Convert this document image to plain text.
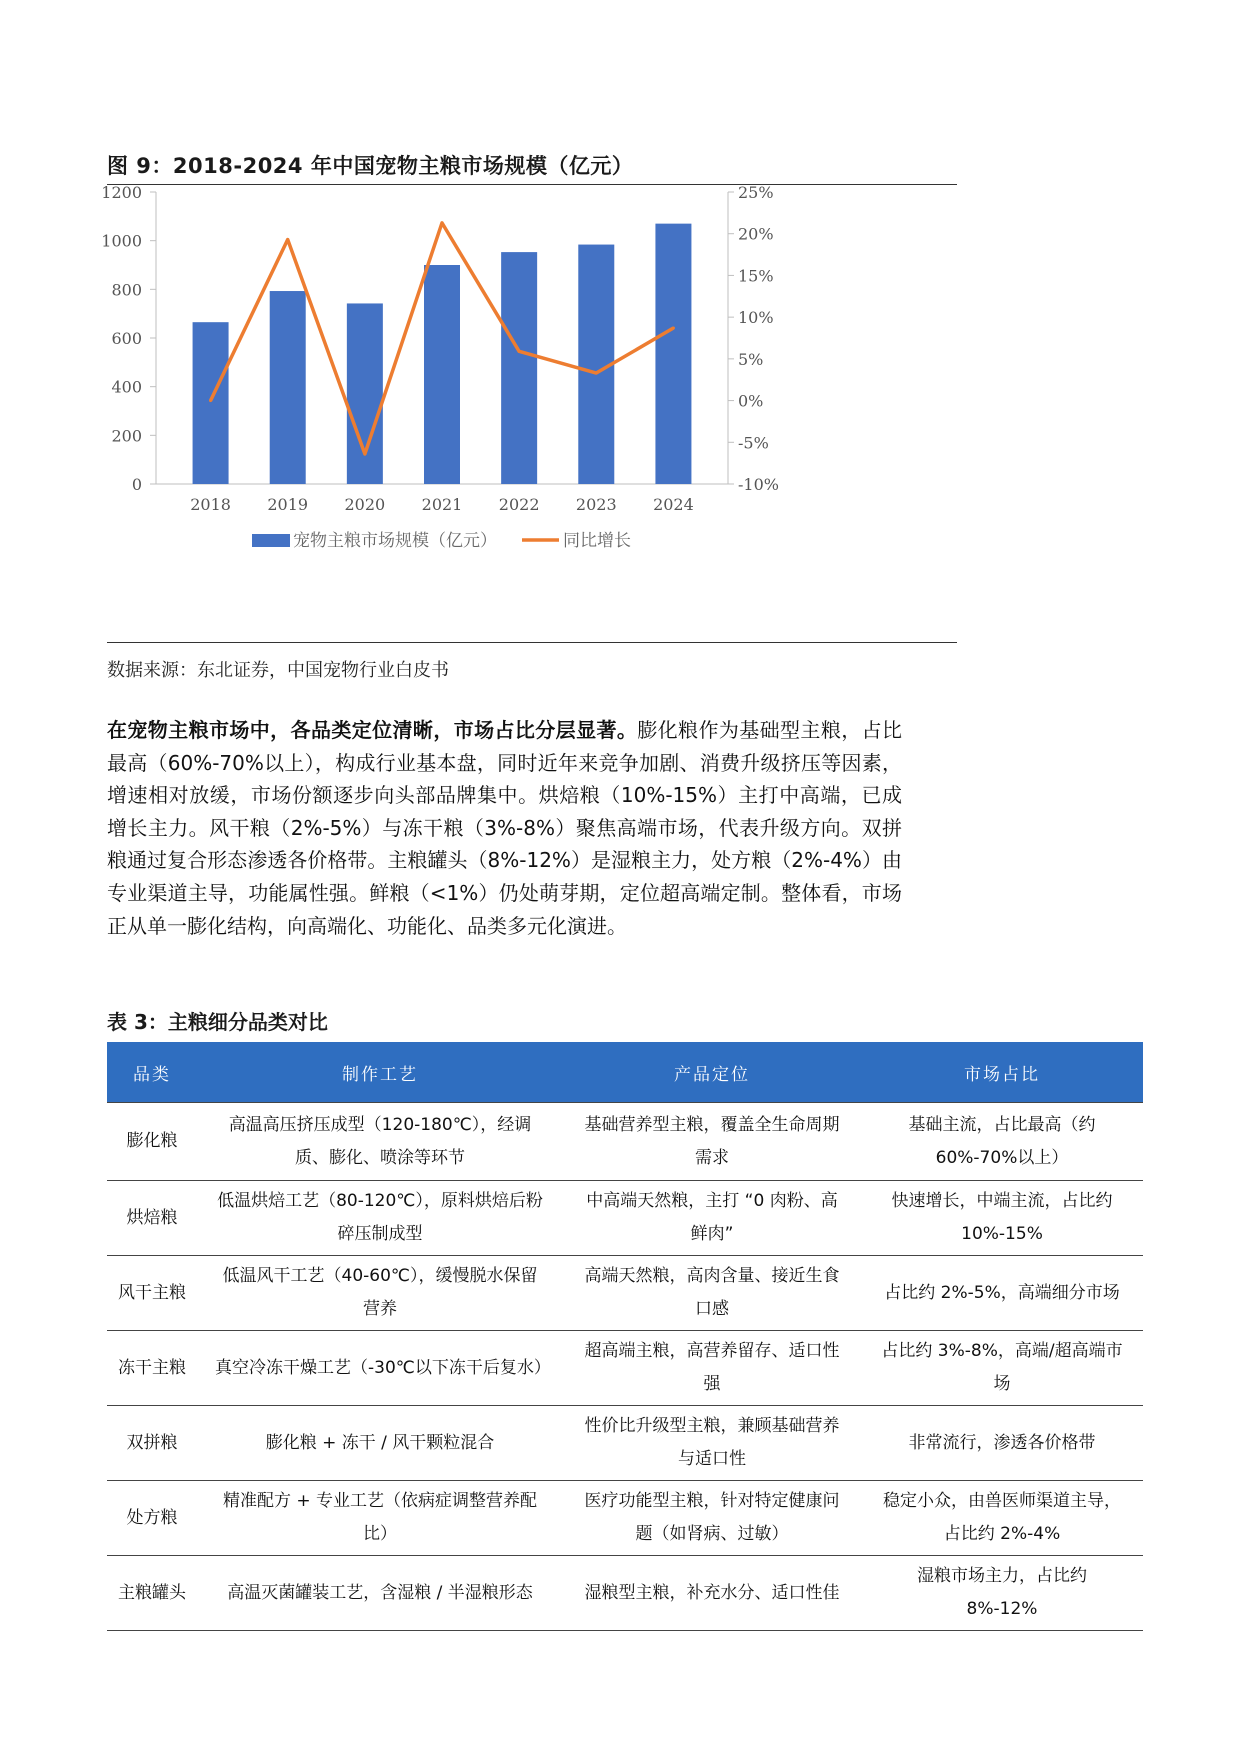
图 9：2018-2024 年中国宠物主粮市场规模（亿元）
0
200
400
600
800
1000
1200
-10%
-5%
0%
5%
10%
15%
20%
25%
2018 2019 2020 2021 2022 2023 2024
宠物主粮市场规模（亿元）	同比增长
数据来源：东北证券，中国宠物行业白皮书
在宠物主粮市场中，各品类定位清晰，市场占比分层显著。膨化粮作为基础型主粮，占比最高（60%-70%以上），构成行业基本盘，同时近年来竞争加剧、消费升级挤压等因素，增速相对放缓，市场份额逐步向头部品牌集中。烘焙粮（10%-15%）主打中高端，已成增长主力。风干粮（2%-5%）与冻干粮（3%-8%）聚焦高端市场，代表升级方向。双拼粮通过复合形态渗透各价格带。主粮罐头（8%-12%）是湿粮主力，处方粮（2%-4%）由专业渠道主导，功能属性强。鲜粮（<1%）仍处萌芽期，定位超高端定制。整体看，市场正从单一膨化结构，向高端化、功能化、品类多元化演进。
表 3：主粮细分品类对比
品类	制作工艺	产品定位	市场占比
膨化粮	高温高压挤压成型（120-180℃），经调质、膨化、喷涂等环节	基础营养型主粮，覆盖全生命周期需求	基础主流，占比最高（约 60%-70%以上）
烘焙粮	低温烘焙工艺（80-120℃），原料烘焙后粉碎压制成型	中高端天然粮，主打 “0 肉粉、高鲜肉”	快速增长，中端主流，占比约 10%-15%
风干主粮	低温风干工艺（40-60℃），缓慢脱水保留营养	高端天然粮，高肉含量、接近生食口感	占比约 2%-5%，高端细分市场
冻干主粮	真空冷冻干燥工艺（-30℃以下冻干后复水）	超高端主粮，高营养留存、适口性强	占比约 3%-8%，高端/超高端市场
双拼粮	膨化粮 + 冻干 / 风干颗粒混合	性价比升级型主粮，兼顾基础营养与适口性	非常流行，渗透各价格带
处方粮	精准配方 + 专业工艺（依病症调整营养配比）	医疗功能型主粮，针对特定健康问题（如肾病、过敏）	稳定小众，由兽医师渠道主导，占比约 2%-4%
主粮罐头	高温灭菌罐装工艺，含湿粮 / 半湿粮形态	湿粮型主粮，补充水分、适口性佳	湿粮市场主力，占比约 8%-12%
